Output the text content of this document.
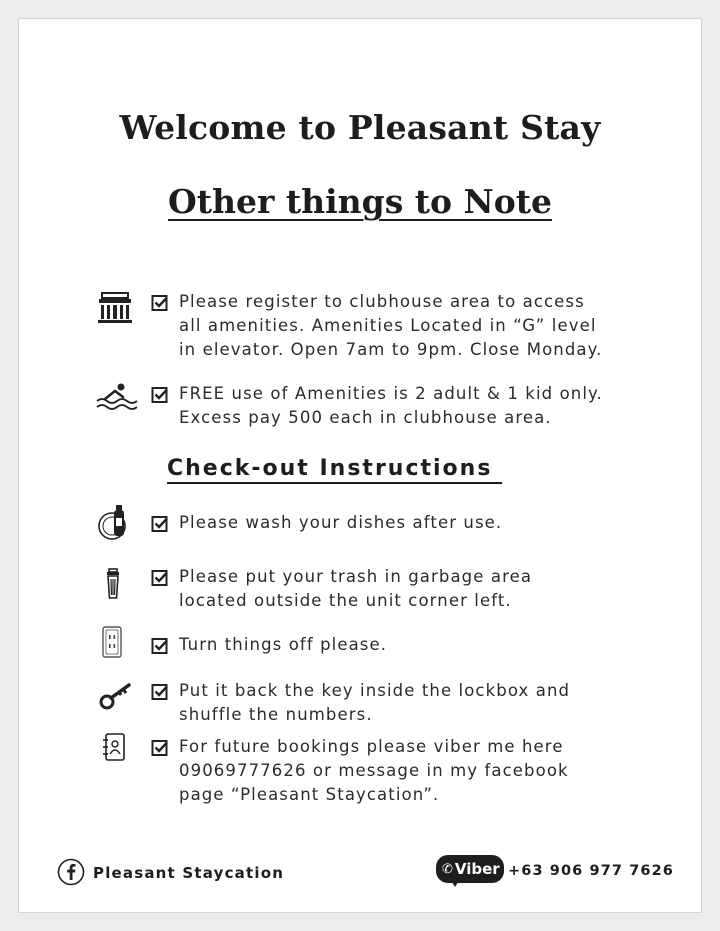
Welcome to Pleasant Stay
Other things to Note

Please register to clubhouse area to access
all amenities. Amenities Located in “G” level
in elevator. Open 7am to 9pm. Close Monday.

FREE use of Amenities is 2 adult & 1 kid only.
Excess pay 500 each in clubhouse area.

Check-out Instructions

Please wash your dishes after use.

Please put your trash in garbage area
located outside the unit corner left.

Turn things off please.

Put it back the key inside the lockbox and
shuffle the numbers.

For future bookings please viber me here
09069777626 or message in my facebook
page “Pleasant Staycation”.

Pleasant Staycation	✆ Viber +63 906 977 7626
